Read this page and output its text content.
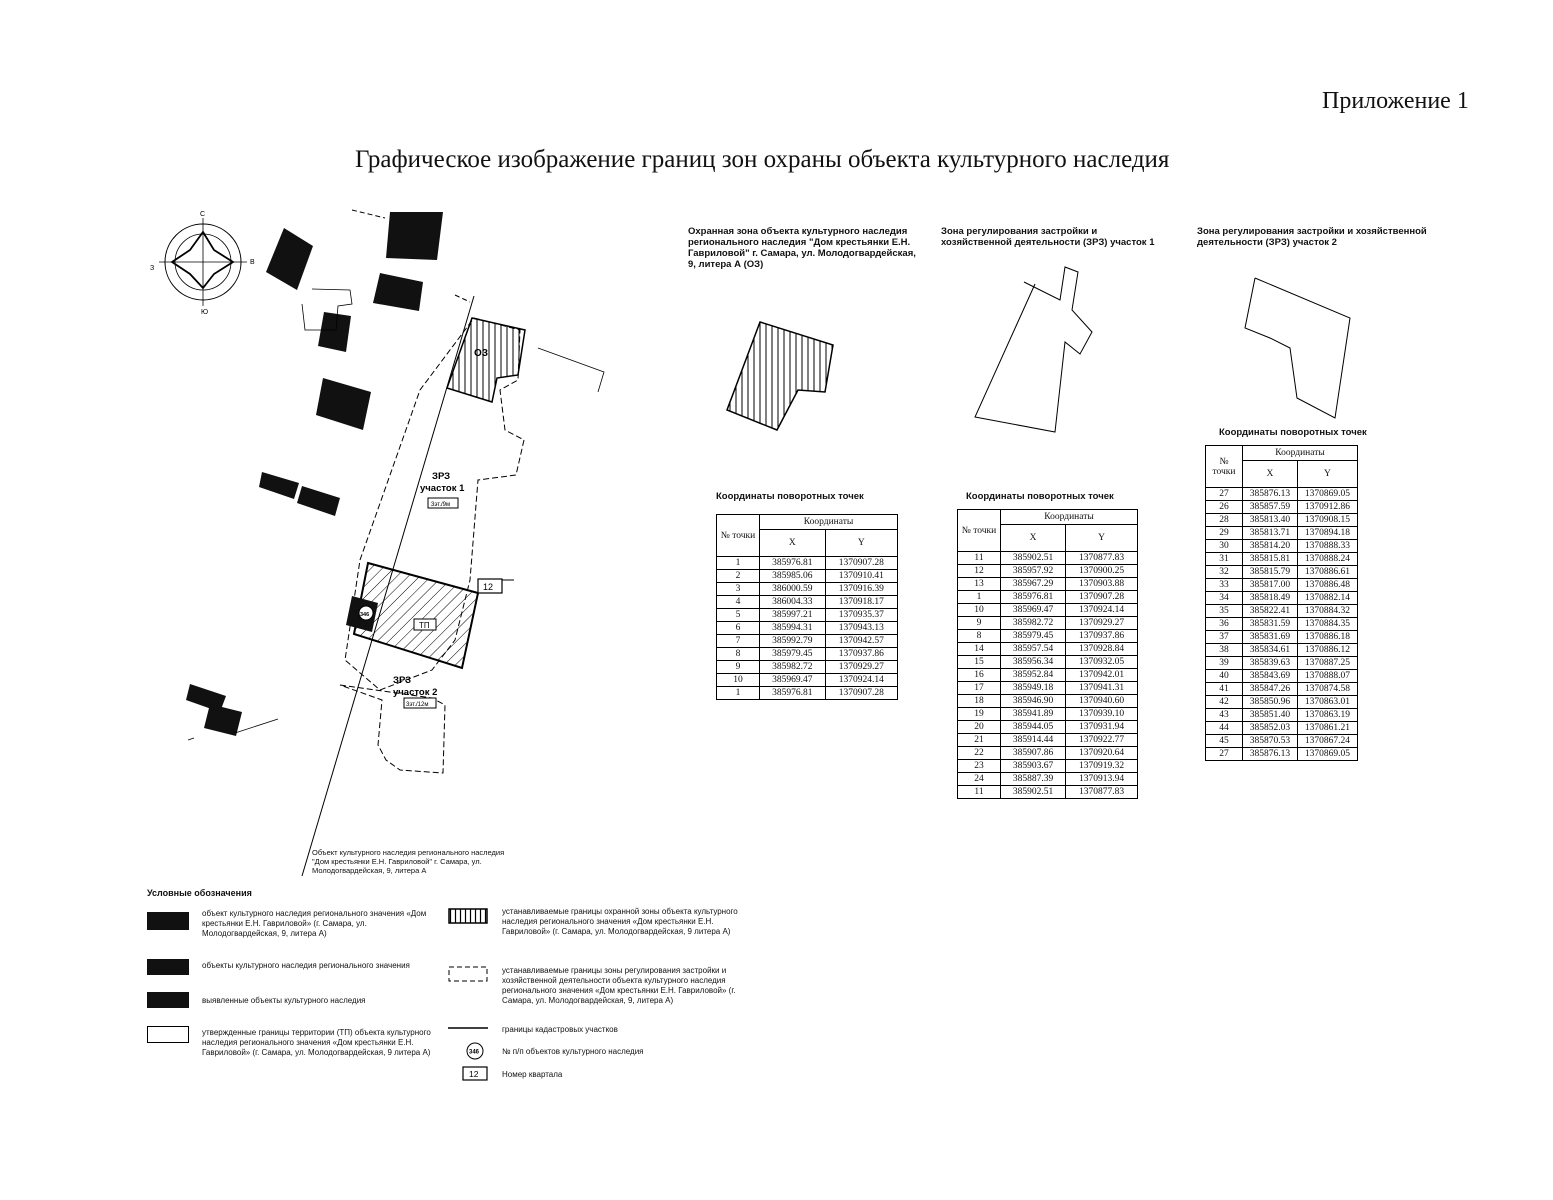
Приложение 1
Графическое изображение границ зон охраны объекта культурного наследия
С
Ю
В
З
ОЗ
ЗРЗ
участок 1
3эт./9м
346
ТП
12
ЗРЗ
участок 2
3эт./12м
Объект культурного наследия регионального наследия "Дом крестьянки Е.Н. Гавриловой" г. Самара, ул. Молодогвардейская, 9, литера А
Охранная зона объекта культурного наследия регионального наследия "Дом крестьянки Е.Н. Гавриловой" г. Самара, ул. Молодогвардейская, 9, литера А (ОЗ)
Координаты поворотных точек
№ точки	Координаты	
	X	Y
1	385976.81	1370907.28
2	385985.06	1370910.41
3	386000.59	1370916.39
4	386004.33	1370918.17
5	385997.21	1370935.37
6	385994.31	1370943.13
7	385992.79	1370942.57
8	385979.45	1370937.86
9	385982.72	1370929.27
10	385969.47	1370924.14
1	385976.81	1370907.28
Зона регулирования застройки и хозяйственной деятельности (ЗРЗ) участок 1
Координаты поворотных точек
№ точки	Координаты	
	X	Y
11	385902.51	1370877.83
12	385957.92	1370900.25
13	385967.29	1370903.88
1	385976.81	1370907.28
10	385969.47	1370924.14
9	385982.72	1370929.27
8	385979.45	1370937.86
14	385957.54	1370928.84
15	385956.34	1370932.05
16	385952.84	1370942.01
17	385949.18	1370941.31
18	385946.90	1370940.60
19	385941.89	1370939.10
20	385944.05	1370931.94
21	385914.44	1370922.77
22	385907.86	1370920.64
23	385903.67	1370919.32
24	385887.39	1370913.94
11	385902.51	1370877.83
Зона регулирования застройки и хозяйственной деятельности (ЗРЗ) участок 2
Координаты поворотных точек
№ точки	Координаты	
	X	Y
27	385876.13	1370869.05
26	385857.59	1370912.86
28	385813.40	1370908.15
29	385813.71	1370894.18
30	385814.20	1370888.33
31	385815.81	1370888.24
32	385815.79	1370886.61
33	385817.00	1370886.48
34	385818.49	1370882.14
35	385822.41	1370884.32
36	385831.59	1370884.35
37	385831.69	1370886.18
38	385834.61	1370886.12
39	385839.63	1370887.25
40	385843.69	1370888.07
41	385847.26	1370874.58
42	385850.96	1370863.01
43	385851.40	1370863.19
44	385852.03	1370861.21
45	385870.53	1370867.24
27	385876.13	1370869.05
Условные обозначения
объект культурного наследия регионального значения «Дом крестьянки Е.Н. Гавриловой» (г. Самара, ул. Молодогвардейская, 9, литера А)
объекты культурного наследия регионального значения
выявленные объекты культурного наследия
утвержденные границы территории (ТП) объекта культурного наследия регионального значения «Дом крестьянки Е.Н. Гавриловой» (г. Самара, ул. Молодогвардейская, 9 литера А)
устанавливаемые границы охранной зоны объекта культурного наследия регионального значения «Дом крестьянки Е.Н. Гавриловой» (г. Самара, ул. Молодогвардейская, 9 литера А)
устанавливаемые границы зоны регулирования застройки и хозяйственной деятельности объекта культурного наследия регионального значения «Дом крестьянки Е.Н. Гавриловой» (г. Самара, ул. Молодогвардейская, 9, литера А)
границы кадастровых участков
346	№ п/п объектов культурного наследия
12	Номер квартала
